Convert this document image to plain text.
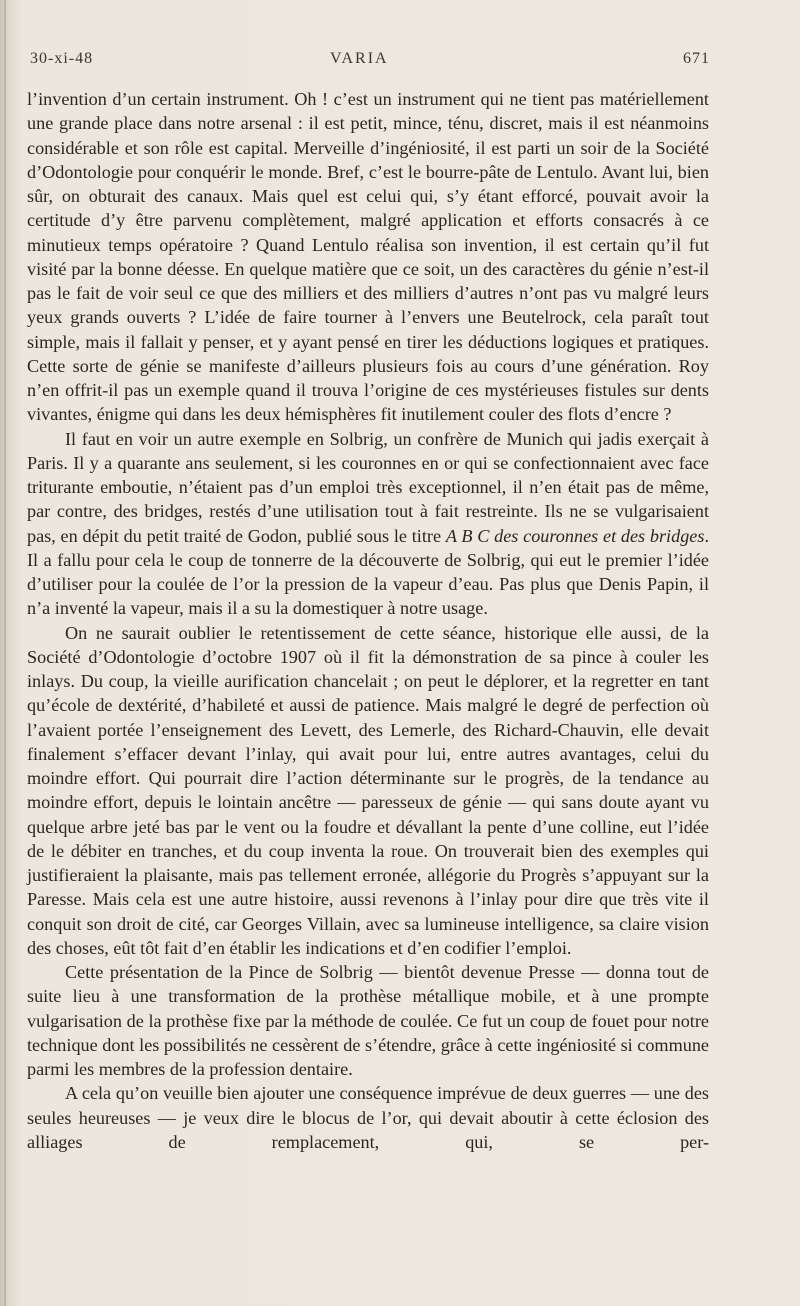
30-xi-48	VARIA	671

l’invention d’un certain instrument. Oh ! c’est un instrument qui ne tient pas matériellement une grande place dans notre arsenal : il est petit, mince, ténu, discret, mais il est néanmoins considérable et son rôle est capital. Merveille d’ingéniosité, il est parti un soir de la Société d’Odontologie pour conquérir le monde. Bref, c’est le bourre-pâte de Lentulo. Avant lui, bien sûr, on obturait des canaux. Mais quel est celui qui, s’y étant efforcé, pouvait avoir la certitude d’y être parvenu complètement, malgré application et efforts consacrés à ce minutieux temps opératoire ? Quand Lentulo réalisa son invention, il est certain qu’il fut visité par la bonne déesse. En quelque matière que ce soit, un des caractères du génie n’est-il pas le fait de voir seul ce que des milliers et des milliers d’autres n’ont pas vu malgré leurs yeux grands ouverts ? L’idée de faire tourner à l’envers une Beutelrock, cela paraît tout simple, mais il fallait y penser, et y ayant pensé en tirer les déductions logiques et pratiques. Cette sorte de génie se manifeste d’ailleurs plusieurs fois au cours d’une génération. Roy n’en offrit-il pas un exemple quand il trouva l’origine de ces mystérieuses fistules sur dents vivantes, énigme qui dans les deux hémisphères fit inutilement couler des flots d’encre ?

Il faut en voir un autre exemple en Solbrig, un confrère de Munich qui jadis exerçait à Paris. Il y a quarante ans seulement, si les couronnes en or qui se confectionnaient avec face triturante emboutie, n’étaient pas d’un emploi très exceptionnel, il n’en était pas de même, par contre, des bridges, restés d’une utilisation tout à fait restreinte. Ils ne se vulgarisaient pas, en dépit du petit traité de Godon, publié sous le titre A B C des couronnes et des bridges. Il a fallu pour cela le coup de tonnerre de la découverte de Solbrig, qui eut le premier l’idée d’utiliser pour la coulée de l’or la pression de la vapeur d’eau. Pas plus que Denis Papin, il n’a inventé la vapeur, mais il a su la domestiquer à notre usage.

On ne saurait oublier le retentissement de cette séance, historique elle aussi, de la Société d’Odontologie d’octobre 1907 où il fit la démonstration de sa pince à couler les inlays. Du coup, la vieille aurification chancelait ; on peut le déplorer, et la regretter en tant qu’école de dextérité, d’habileté et aussi de patience. Mais malgré le degré de perfection où l’avaient portée l’enseignement des Levett, des Lemerle, des Richard-Chauvin, elle devait finalement s’effacer devant l’inlay, qui avait pour lui, entre autres avantages, celui du moindre effort. Qui pourrait dire l’action déterminante sur le progrès, de la tendance au moindre effort, depuis le lointain ancêtre — paresseux de génie — qui sans doute ayant vu quelque arbre jeté bas par le vent ou la foudre et dévallant la pente d’une colline, eut l’idée de le débiter en tranches, et du coup inventa la roue. On trouverait bien des exemples qui justifieraient la plaisante, mais pas tellement erronée, allégorie du Progrès s’appuyant sur la Paresse. Mais cela est une autre histoire, aussi revenons à l’inlay pour dire que très vite il conquit son droit de cité, car Georges Villain, avec sa lumineuse intelligence, sa claire vision des choses, eût tôt fait d’en établir les indications et d’en codifier l’emploi.

Cette présentation de la Pince de Solbrig — bientôt devenue Presse — donna tout de suite lieu à une transformation de la prothèse métallique mobile, et à une prompte vulgarisation de la prothèse fixe par la méthode de coulée. Ce fut un coup de fouet pour notre technique dont les possibilités ne cessèrent de s’étendre, grâce à cette ingéniosité si commune parmi les membres de la profession dentaire.

A cela qu’on veuille bien ajouter une conséquence imprévue de deux guerres — une des seules heureuses — je veux dire le blocus de l’or, qui devait aboutir à cette éclosion des alliages de remplacement, qui, se per-
